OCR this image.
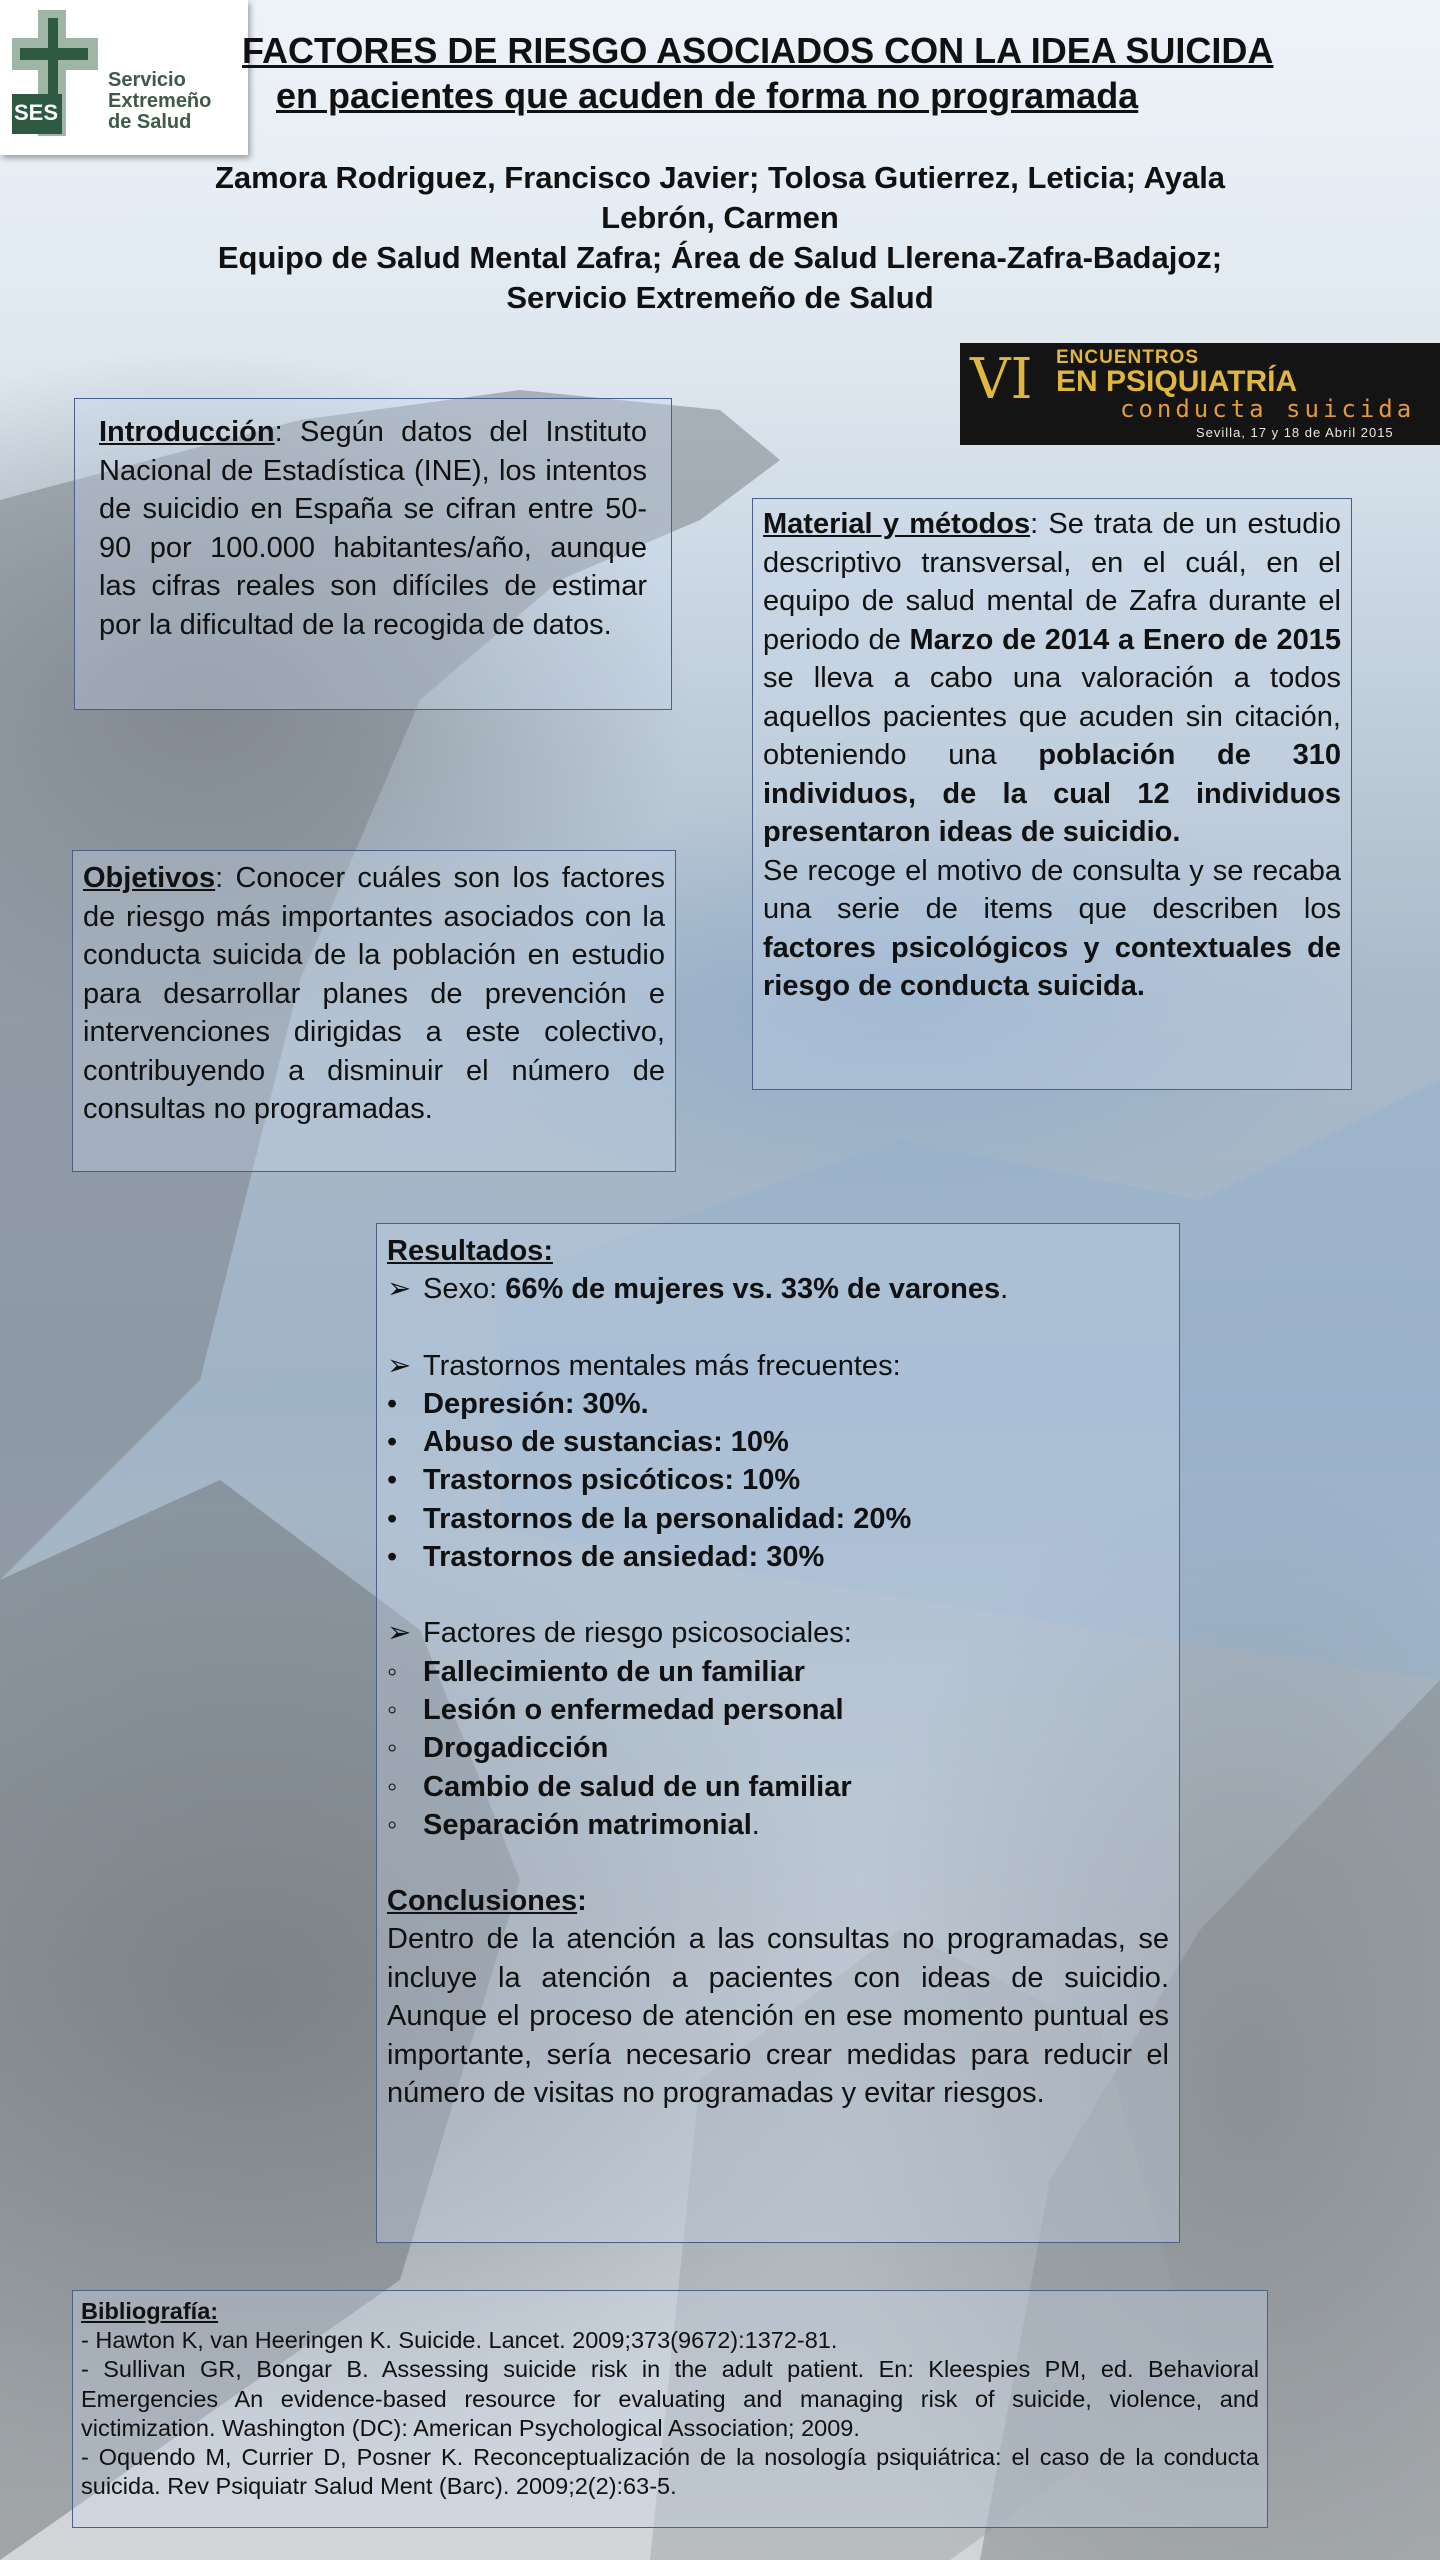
SES
Servicio
Extremeño
de Salud
FACTORES DE RIESGO ASOCIADOS CON LA IDEA SUICIDA
en pacientes que acuden de forma no programada
Zamora Rodriguez, Francisco Javier; Tolosa Gutierrez, Leticia; Ayala
Lebrón, Carmen
Equipo de Salud Mental Zafra; Área de Salud Llerena-Zafra-Badajoz;
Servicio Extremeño de Salud
VI ENCUENTROS
EN PSIQUIATRÍA
conducta suicida
Sevilla, 17 y 18 de Abril 2015
Introducción: Según datos del Instituto Nacional de Estadística (INE), los intentos de suicidio en España se cifran entre 50-90 por 100.000 habitantes/año, aunque las cifras reales son difíciles de estimar por la dificultad de la recogida de datos.
Objetivos: Conocer cuáles son los factores de riesgo más importantes asociados con la conducta suicida de la población en estudio para desarrollar planes de prevención e intervenciones dirigidas a este colectivo, contribuyendo a disminuir el número de consultas no programadas.
Material y métodos: Se trata de un estudio descriptivo transversal, en el cuál, en el equipo de salud mental de Zafra durante el periodo de Marzo de 2014 a Enero de 2015 se lleva a cabo una valoración a todos aquellos pacientes que acuden sin citación, obteniendo una población de 310 individuos, de la cual 12 individuos presentaron ideas de suicidio.
Se recoge el motivo de consulta y se recaba una serie de items que describen los factores psicológicos y contextuales de riesgo de conducta suicida.
Resultados:
➢ Sexo: 66% de mujeres vs. 33% de varones.
➢ Trastornos mentales más frecuentes:
• Depresión: 30%.
• Abuso de sustancias: 10%
• Trastornos psicóticos: 10%
• Trastornos de la personalidad: 20%
• Trastornos de ansiedad: 30%
➢ Factores de riesgo psicosociales:
◦ Fallecimiento de un familiar
◦ Lesión o enfermedad personal
◦ Drogadicción
◦ Cambio de salud de un familiar
◦ Separación matrimonial.
Conclusiones:
Dentro de la atención a las consultas no programadas, se incluye la atención a pacientes con ideas de suicidio. Aunque el proceso de atención en ese momento puntual es importante, sería necesario crear medidas para reducir el número de visitas no programadas y evitar riesgos.
Bibliografía:
- Hawton K, van Heeringen K. Suicide. Lancet. 2009;373(9672):1372-81.
- Sullivan GR, Bongar B. Assessing suicide risk in the adult patient. En: Kleespies PM, ed. Behavioral Emergencies An evidence-based resource for evaluating and managing risk of suicide, violence, and victimization. Washington (DC): American Psychological Association; 2009.
- Oquendo M, Currier D, Posner K. Reconceptualización de la nosología psiquiátrica: el caso de la conducta suicida. Rev Psiquiatr Salud Ment (Barc). 2009;2(2):63-5.
